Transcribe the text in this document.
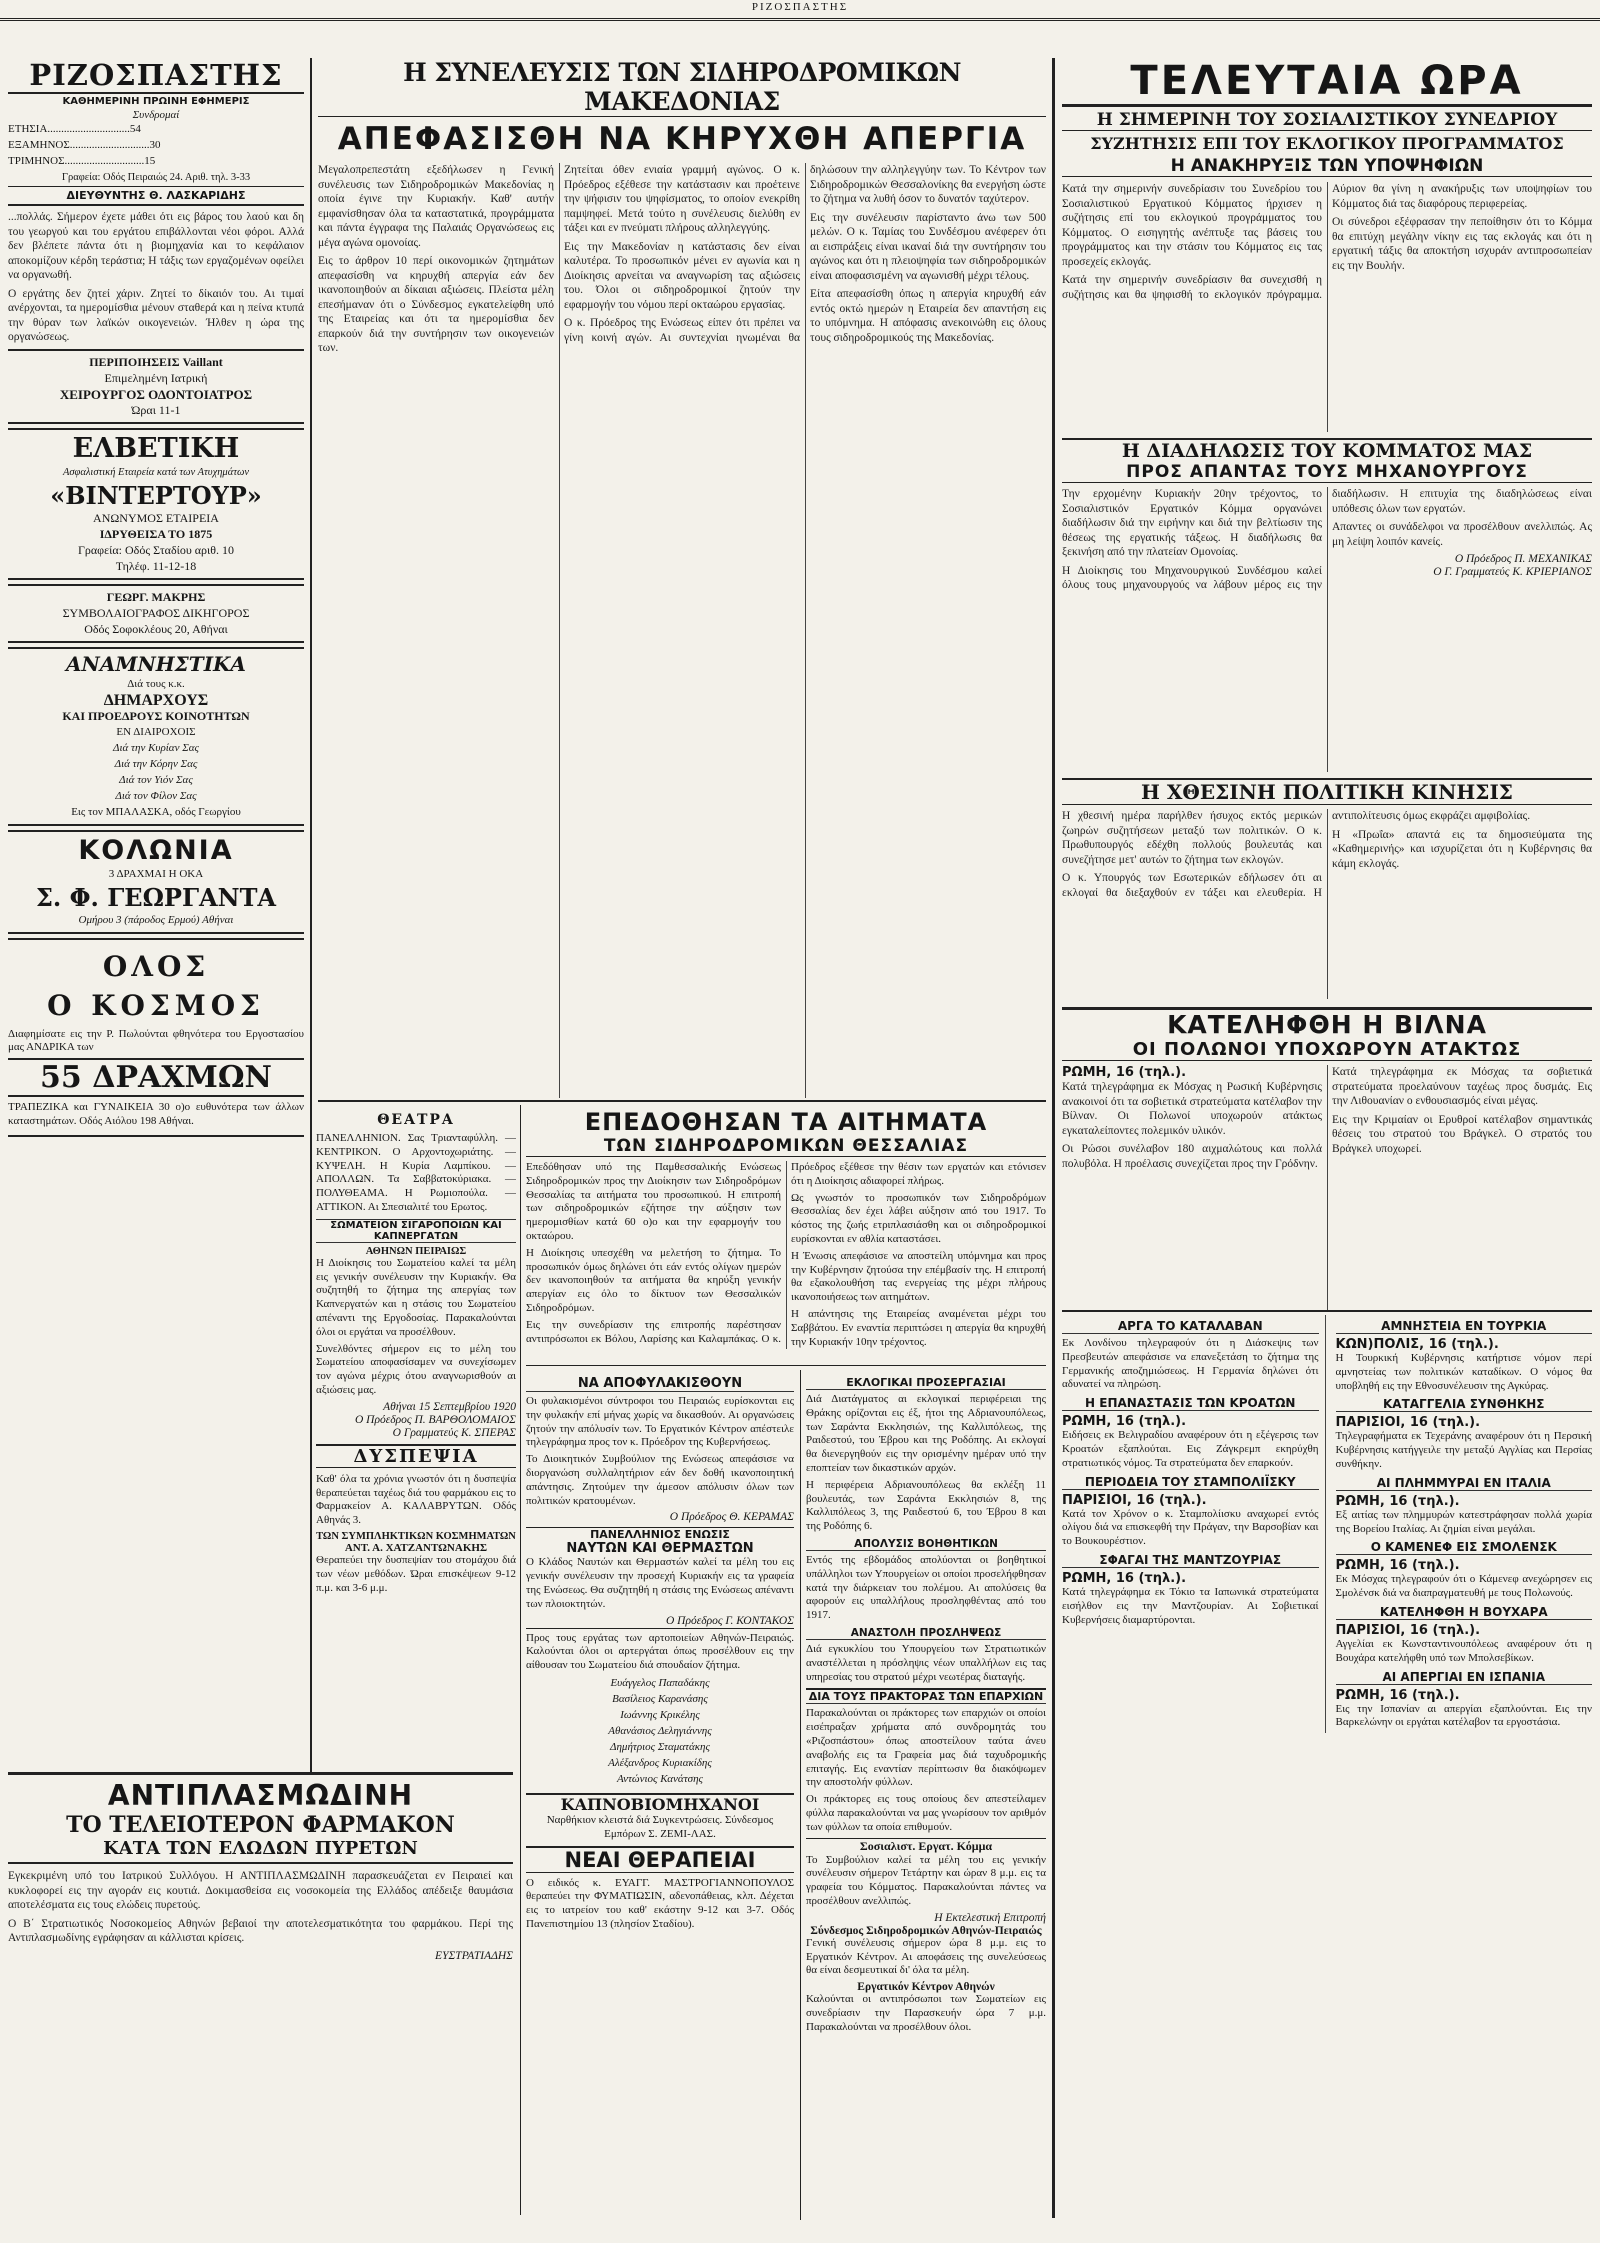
ΡΙΖΟΣΠΑΣΤΗΣ
ΡΙΖΟΣΠΑΣΤΗΣ
ΚΑΘΗΜΕΡΙΝΗ ΠΡΩΙΝΗ ΕΦΗΜΕΡΙΣ
Συνδρομαί
ΕΤΗΣΙΑ..............................54
ΕΞΑΜΗΝΟΣ.............................30
ΤΡΙΜΗΝΟΣ.............................15
Γραφεία: Οδός Πειραιώς 24. Αριθ. τηλ. 3-33
ΔΙΕΥΘΥΝΤΗΣ Θ. ΛΑΣΚΑΡΙΔΗΣ

...πολλάς. Σήμερον έχετε μάθει ότι εις βάρος του λαού και δη του γεωργού και του εργάτου επιβάλλονται νέοι φόροι. Αλλά δεν βλέπετε πάντα ότι η βιομηχανία και το κεφάλαιον αποκομίζουν κέρδη τεράστια; Η τάξις των εργαζομένων οφείλει να οργανωθή.

Ο εργάτης δεν ζητεί χάριν. Ζητεί το δίκαιόν του. Αι τιμαί ανέρχονται, τα ημερομίσθια μένουν σταθερά και η πείνα κτυπά την θύραν των λαϊκών οικογενειών. Ήλθεν η ώρα της οργανώσεως.

ΠΕΡΙΠΟΙΗΣΕΙΣ Vaillant
Επιμελημένη Ιατρική
ΧΕΙΡΟΥΡΓΟΣ ΟΔΟΝΤΟΙΑΤΡΟΣ
Ώραι 11-1
ΕΛΒΕΤΙΚΗ
Ασφαλιστική Εταιρεία κατά των Ατυχημάτων
«ΒΙΝΤΕΡΤΟΥΡ»
ΑΝΩΝΥΜΟΣ ΕΤΑΙΡΕΙΑ
ΙΔΡΥΘΕΙΣΑ ΤΟ 1875
Γραφεία: Οδός Σταδίου αριθ. 10
Τηλέφ. 11-12-18
ΓΕΩΡΓ. ΜΑΚΡΗΣ
ΣΥΜΒΟΛΑΙΟΓΡΑΦΟΣ ΔΙΚΗΓΟΡΟΣ
Οδός Σοφοκλέους 20, Αθήναι
ΑΝΑΜΝΗΣΤΙΚΑ
Διά τους κ.κ.
ΔΗΜΑΡΧΟΥΣ
ΚΑΙ ΠΡΟΕΔΡΟΥΣ ΚΟΙΝΟΤΗΤΩΝ
ΕΝ ΔΙΑΙΡΟΧΟΙΣ
Διά την Κυρίαν Σας
Διά την Κόρην Σας
Διά τον Υιόν Σας
Διά τον Φίλον Σας
Εις τον ΜΠΑΛΑΣΚΑ, οδός Γεωργίου
ΚΟΛΩΝΙΑ
3 ΔΡΑΧΜΑΙ Η ΟΚΑ
Σ. Φ. ΓΕΩΡΓΑΝΤΑ
Ομήρου 3 (πάροδος Ερμού) Αθήναι
ΟΛΟΣ
Ο ΚΟΣΜΟΣ

Διαφημίσατε εις την Ρ. Πωλούνται φθηνότερα του Εργοστασίου μας ΑΝΔΡΙΚΑ των

55 ΔΡΑΧΜΩΝ

ΤΡΑΠΕΖΙΚΑ και ΓΥΝΑΙΚΕΙΑ 30 ο)ο ευθυνότερα των άλλων καταστημάτων. Οδός Αιόλου 198 Αθήναι.

ΑΝΤΙΠΛΑΣΜΩΔΙΝΗ
ΤΟ ΤΕΛΕΙΟΤΕΡΟΝ ΦΑΡΜΑΚΟΝ
ΚΑΤΑ ΤΩΝ ΕΛΩΔΩΝ ΠΥΡΕΤΩΝ

Εγκεκριμένη υπό του Ιατρικού Συλλόγου. Η ΑΝΤΙΠΛΑΣΜΩΔΙΝΗ παρασκευάζεται εν Πειραιεί και κυκλοφορεί εις την αγοράν εις κουτιά. Δοκιμασθείσα εις νοσοκομεία της Ελλάδος απέδειξε θαυμάσια αποτελέσματα εις τους ελώδεις πυρετούς.

Ο Β΄ Στρατιωτικός Νοσοκομείος Αθηνών βεβαιοί την αποτελεσματικότητα του φαρμάκου. Περί της Αντιπλασμωδίνης εγράφησαν αι κάλλισται κρίσεις.

ΕΥΣΤΡΑΤΙΑΔΗΣ
Η ΣΥΝΕΛΕΥΣΙΣ ΤΩΝ ΣΙΔΗΡΟΔΡΟΜΙΚΩΝ ΜΑΚΕΔΟΝΙΑΣ
ΑΠΕΦΑΣΙΣΘΗ ΝΑ ΚΗΡΥΧΘΗ ΑΠΕΡΓΙΑ

Μεγαλοπρεπεστάτη εξεδήλωσεν η Γενική συνέλευσις των Σιδηροδρομικών Μακεδονίας η οποία έγινε την Κυριακήν. Καθ' αυτήν εμφανίσθησαν όλα τα καταστατικά, προγράμματα και πάντα έγγραφα της Παλαιάς Οργανώσεως εις μέγα αγώνα ομονοίας.

Εις το άρθρον 10 περί οικονομικών ζητημάτων απεφασίσθη να κηρυχθή απεργία εάν δεν ικανοποιηθούν αι δίκαιαι αξιώσεις. Πλείστα μέλη επεσήμαναν ότι ο Σύνδεσμος εγκατελείφθη υπό της Εταιρείας και ότι τα ημερομίσθια δεν επαρκούν διά την συντήρησιν των οικογενειών των.

Ζητείται όθεν ενιαία γραμμή αγώνος. Ο κ. Πρόεδρος εξέθεσε την κατάστασιν και προέτεινε την ψήφισιν του ψηφίσματος, το οποίον ενεκρίθη παμψηφεί. Μετά τούτο η συνέλευσις διελύθη εν τάξει και εν πνεύματι πλήρους αλληλεγγύης.

Εις την Μακεδονίαν η κατάστασις δεν είναι καλυτέρα. Το προσωπικόν μένει εν αγωνία και η Διοίκησις αρνείται να αναγνωρίση τας αξιώσεις του. Όλοι οι σιδηροδρομικοί ζητούν την εφαρμογήν του νόμου περί οκταώρου εργασίας.

Ο κ. Πρόεδρος της Ενώσεως είπεν ότι πρέπει να γίνη κοινή αγών. Αι συντεχνίαι ηνωμέναι θα δηλώσουν την αλληλεγγύην των. Το Κέντρον των Σιδηροδρομικών Θεσσαλονίκης θα ενεργήση ώστε το ζήτημα να λυθή όσον το δυνατόν ταχύτερον.

Εις την συνέλευσιν παρίσταντο άνω των 500 μελών. Ο κ. Ταμίας του Συνδέσμου ανέφερεν ότι αι εισπράξεις είναι ικαναί διά την συντήρησιν του αγώνος και ότι η πλειοψηφία των σιδηροδρομικών είναι αποφασισμένη να αγωνισθή μέχρι τέλους.

Είτα απεφασίσθη όπως η απεργία κηρυχθή εάν εντός οκτώ ημερών η Εταιρεία δεν απαντήση εις το υπόμνημα. Η απόφασις ανεκοινώθη εις όλους τους σιδηροδρομικούς της Μακεδονίας.

ΘΕΑΤΡΑ

ΠΑΝΕΛΛΗΝΙΟΝ. Σας Τριανταφύλλη. — ΚΕΝΤΡΙΚΟΝ. Ο Αρχοντοχωριάτης. — ΚΥΨΕΛΗ. Η Κυρία Λαμπίκου. — ΑΠΟΛΛΩΝ. Τα Σαββατοκύριακα. — ΠΟΛΥΘΕΑΜΑ. Η Ρωμιοπούλα. — ΑΤΤΙΚΟΝ. Αι Σπεσιαλιτέ του Ερωτος.

ΣΩΜΑΤΕΙΟΝ ΣΙΓΑΡΟΠΟΙΩΝ ΚΑΙ ΚΑΠΝΕΡΓΑΤΩΝ
ΑΘΗΝΩΝ ΠΕΙΡΑΙΩΣ

Η Διοίκησις του Σωματείου καλεί τα μέλη εις γενικήν συνέλευσιν την Κυριακήν. Θα συζητηθή το ζήτημα της απεργίας των Καπνεργατών και η στάσις του Σωματείου απέναντι της Εργοδοσίας. Παρακαλούνται όλοι οι εργάται να προσέλθουν.

Συνελθόντες σήμερον εις το μέλη του Σωματείου αποφασίσαμεν να συνεχίσωμεν τον αγώνα μέχρις ότου αναγνωρισθούν αι αξιώσεις μας.

Αθήναι 15 Σεπτεμβρίου 1920
Ο Πρόεδρος Π. ΒΑΡΘΟΛΟΜΑΙΟΣ
Ο Γραμματεύς Κ. ΣΠΕΡΑΣ
ΔΥΣΠΕΨΙΑ

Καθ' όλα τα χρόνια γνωστόν ότι η δυσπεψία θεραπεύεται ταχέως διά του φαρμάκου εις το Φαρμακείον Α. ΚΑΛΑΒΡΥΤΩΝ. Οδός Αθηνάς 3.

ΤΩΝ ΣΥΜΠΛΗΚΤΙΚΩΝ ΚΟΣΜΗΜΑΤΩΝ
ΑΝΤ. Α. ΧΑΤΖΑΝΤΩΝΑΚΗΣ

Θεραπεύει την δυσπεψίαν του στομάχου διά των νέων μεθόδων. Ώραι επισκέψεων 9-12 π.μ. και 3-6 μ.μ.

ΕΠΕΔΟΘΗΣΑΝ ΤΑ ΑΙΤΗΜΑΤΑ
ΤΩΝ ΣΙΔΗΡΟΔΡΟΜΙΚΩΝ ΘΕΣΣΑΛΙΑΣ

Επεδόθησαν υπό της Παμθεσσαλικής Ενώσεως Σιδηροδρομικών προς την Διοίκησιν των Σιδηροδρόμων Θεσσαλίας τα αιτήματα του προσωπικού. Η επιτροπή των σιδηροδρομικών εζήτησε την αύξησιν των ημερομισθίων κατά 60 ο)ο και την εφαρμογήν του οκταώρου.

Η Διοίκησις υπεσχέθη να μελετήση το ζήτημα. Το προσωπικόν όμως δηλώνει ότι εάν εντός ολίγων ημερών δεν ικανοποιηθούν τα αιτήματα θα κηρύξη γενικήν απεργίαν εις όλο το δίκτυον των Θεσσαλικών Σιδηροδρόμων.

Εις την συνεδρίασιν της επιτροπής παρέστησαν αντιπρόσωποι εκ Βόλου, Λαρίσης και Καλαμπάκας. Ο κ. Πρόεδρος εξέθεσε την θέσιν των εργατών και ετόνισεν ότι η Διοίκησις αδιαφορεί πλήρως.

Ως γνωστόν το προσωπικόν των Σιδηροδρόμων Θεσσαλίας δεν έχει λάβει αύξησιν από του 1917. Το κόστος της ζωής ετριπλασιάσθη και οι σιδηροδρομικοί ευρίσκονται εν αθλία καταστάσει.

Η Ένωσις απεφάσισε να αποστείλη υπόμνημα και προς την Κυβέρνησιν ζητούσα την επέμβασίν της. Η επιτροπή θα εξακολουθήση τας ενεργείας της μέχρι πλήρους ικανοποιήσεως των αιτημάτων.

Η απάντησις της Εταιρείας αναμένεται μέχρι του Σαββάτου. Εν εναντία περιπτώσει η απεργία θα κηρυχθή την Κυριακήν 10ην τρέχοντος.

ΝΑ ΑΠΟΦΥΛΑΚΙΣΘΟΥΝ

Οι φυλακισμένοι σύντροφοι του Πειραιώς ευρίσκονται εις την φυλακήν επί μήνας χωρίς να δικασθούν. Αι οργανώσεις ζητούν την απόλυσίν των. Το Εργατικόν Κέντρον απέστειλε τηλεγράφημα προς τον κ. Πρόεδρον της Κυβερνήσεως.

Το Διοικητικόν Συμβούλιον της Ενώσεως απεφάσισε να διοργανώση συλλαλητήριον εάν δεν δοθή ικανοποιητική απάντησις. Ζητούμεν την άμεσον απόλυσιν όλων των πολιτικών κρατουμένων.

Ο Πρόεδρος Θ. ΚΕΡΑΜΑΣ
ΠΑΝΕΛΛΗΝΙΟΣ ΕΝΩΣΙΣ
ΝΑΥΤΩΝ ΚΑΙ ΘΕΡΜΑΣΤΩΝ

Ο Κλάδος Ναυτών και Θερμαστών καλεί τα μέλη του εις γενικήν συνέλευσιν την προσεχή Κυριακήν εις τα γραφεία της Ενώσεως. Θα συζητηθή η στάσις της Ενώσεως απέναντι των πλοιοκτητών.

Ο Πρόεδρος Γ. ΚΟΝΤΑΚΟΣ

Προς τους εργάτας των αρτοποιείων Αθηνών-Πειραιώς. Καλούνται όλοι οι αρτεργάται όπως προσέλθουν εις την αίθουσαν του Σωματείου διά σπουδαίον ζήτημα.

Ευάγγελος Παπαδάκης
Βασίλειος Καρανάσης
Ιωάννης Κρικέλης
Αθανάσιος Δεληγιάννης
Δημήτριος Σταματάκης
Αλέξανδρος Κυριακίδης
Αντώνιος Κανάτσης
ΚΑΠΝΟΒΙΟΜΗΧΑΝΟΙ

Ναρθήκιον κλειστά διά Συγκεντρώσεις. Σύνδεσμος Εμπόρων Σ. ΖΕΜΙ-ΛΑΣ.

ΝΕΑΙ ΘΕΡΑΠΕΙΑΙ

Ο ειδικός κ. ΕΥΑΓΓ. ΜΑΣΤΡΟΓΙΑΝΝΟΠΟΥΛΟΣ θεραπεύει την ΦΥΜΑΤΙΩΣΙΝ, αδενοπάθειας, κλπ. Δέχεται εις το ιατρείον του καθ' εκάστην 9-12 και 3-7. Οδός Πανεπιστημίου 13 (πλησίον Σταδίου).

ΕΚΛΟΓΙΚΑΙ ΠΡΟΣΕΡΓΑΣΙΑΙ

Διά Διατάγματος αι εκλογικαί περιφέρειαι της Θράκης ορίζονται εις έξ, ήτοι της Αδριανουπόλεως, των Σαράντα Εκκλησιών, της Καλλιπόλεως, της Ραιδεστού, του Έβρου και της Ροδόπης. Αι εκλογαί θα διενεργηθούν εις την ορισμένην ημέραν υπό την εποπτείαν των δικαστικών αρχών.

Η περιφέρεια Αδριανουπόλεως θα εκλέξη 11 βουλευτάς, των Σαράντα Εκκλησιών 8, της Καλλιπόλεως 3, της Ραιδεστού 6, του Έβρου 8 και της Ροδόπης 6.

ΑΠΟΛΥΣΙΣ ΒΟΗΘΗΤΙΚΩΝ

Εντός της εβδομάδος απολύονται οι βοηθητικοί υπάλληλοι των Υπουργείων οι οποίοι προσελήφθησαν κατά την διάρκειαν του πολέμου. Αι απολύσεις θα αφορούν εις υπαλλήλους προσληφθέντας από του 1917.

ΑΝΑΣΤΟΛΗ ΠΡΟΣΛΗΨΕΩΣ

Διά εγκυκλίου του Υπουργείου των Στρατιωτικών αναστέλλεται η πρόσληψις νέων υπαλλήλων εις τας υπηρεσίας του στρατού μέχρι νεωτέρας διαταγής.

ΔΙΑ ΤΟΥΣ ΠΡΑΚΤΟΡΑΣ ΤΩΝ ΕΠΑΡΧΙΩΝ

Παρακαλούνται οι πράκτορες των επαρχιών οι οποίοι εισέπραξαν χρήματα από συνδρομητάς του «Ριζοσπάστου» όπως αποστείλουν ταύτα άνευ αναβολής εις τα Γραφεία μας διά ταχυδρομικής επιταγής. Εις εναντίαν περίπτωσιν θα διακόψωμεν την αποστολήν φύλλων.

Οι πράκτορες εις τους οποίους δεν απεστείλαμεν φύλλα παρακαλούνται να μας γνωρίσουν τον αριθμόν των φύλλων τα οποία επιθυμούν.

Σοσιαλιστ. Εργατ. Κόμμα

Το Συμβούλιον καλεί τα μέλη του εις γενικήν συνέλευσιν σήμερον Τετάρτην και ώραν 8 μ.μ. εις τα γραφεία του Κόμματος. Παρακαλούνται πάντες να προσέλθουν ανελλιπώς.

Η Εκτελεστική Επιτροπή
Σύνδεσμος Σιδηροδρομικών Αθηνών-Πειραιώς

Γενική συνέλευσις σήμερον ώρα 8 μ.μ. εις το Εργατικόν Κέντρον. Αι αποφάσεις της συνελεύσεως θα είναι δεσμευτικαί δι' όλα τα μέλη.

Εργατικόν Κέντρον Αθηνών

Καλούνται οι αντιπρόσωποι των Σωματείων εις συνεδρίασιν την Παρασκευήν ώρα 7 μ.μ. Παρακαλούνται να προσέλθουν όλοι.

ΤΕΛΕΥΤΑΙΑ ΩΡΑ
Η ΣΗΜΕΡΙΝΗ ΤΟΥ ΣΟΣΙΑΛΙΣΤΙΚΟΥ ΣΥΝΕΔΡΙΟΥ
ΣΥΖΗΤΗΣΙΣ ΕΠΙ ΤΟΥ ΕΚΛΟΓΙΚΟΥ ΠΡΟΓΡΑΜΜΑΤΟΣ
Η ΑΝΑΚΗΡΥΞΙΣ ΤΩΝ ΥΠΟΨΗΦΙΩΝ

Κατά την σημερινήν συνεδρίασιν του Συνεδρίου του Σοσιαλιστικού Εργατικού Κόμματος ήρχισεν η συζήτησις επί του εκλογικού προγράμματος του Κόμματος. Ο εισηγητής ανέπτυξε τας βάσεις του προγράμματος και την στάσιν του Κόμματος εις τας προσεχείς εκλογάς.

Κατά την σημερινήν συνεδρίασιν θα συνεχισθή η συζήτησις και θα ψηφισθή το εκλογικόν πρόγραμμα. Αύριον θα γίνη η ανακήρυξις των υποψηφίων του Κόμματος διά τας διαφόρους περιφερείας.

Οι σύνεδροι εξέφρασαν την πεποίθησιν ότι το Κόμμα θα επιτύχη μεγάλην νίκην εις τας εκλογάς και ότι η εργατική τάξις θα αποκτήση ισχυράν αντιπροσωπείαν εις την Βουλήν.

Η ΔΙΑΔΗΛΩΣΙΣ ΤΟΥ ΚΟΜΜΑΤΟΣ ΜΑΣ
ΠΡΟΣ ΑΠΑΝΤΑΣ ΤΟΥΣ ΜΗΧΑΝΟΥΡΓΟΥΣ

Την ερχομένην Κυριακήν 20ην τρέχοντος, το Σοσιαλιστικόν Εργατικόν Κόμμα οργανώνει διαδήλωσιν διά την ειρήνην και διά την βελτίωσιν της θέσεως της εργατικής τάξεως. Η διαδήλωσις θα ξεκινήση από την πλατείαν Ομονοίας.

Η Διοίκησις του Μηχανουργικού Συνδέσμου καλεί όλους τους μηχανουργούς να λάβουν μέρος εις την διαδήλωσιν. Η επιτυχία της διαδηλώσεως είναι υπόθεσις όλων των εργατών.

Απαντες οι συνάδελφοι να προσέλθουν ανελλιπώς. Ας μη λείψη λοιπόν κανείς.

Ο Πρόεδρος Π. ΜΕΧΑΝΙΚΑΣ
Ο Γ. Γραμματεύς Κ. ΚΡΙΕΡΙΑΝΟΣ
Η ΧΘΕΣΙΝΗ ΠΟΛΙΤΙΚΗ ΚΙΝΗΣΙΣ

Η χθεσινή ημέρα παρήλθεν ήσυχος εκτός μερικών ζωηρών συζητήσεων μεταξύ των πολιτικών. Ο κ. Πρωθυπουργός εδέχθη πολλούς βουλευτάς και συνεζήτησε μετ' αυτών το ζήτημα των εκλογών.

Ο κ. Υπουργός των Εσωτερικών εδήλωσεν ότι αι εκλογαί θα διεξαχθούν εν τάξει και ελευθερία. Η αντιπολίτευσις όμως εκφράζει αμφιβολίας.

Η «Πρωΐα» απαντά εις τα δημοσιεύματα της «Καθημερινής» και ισχυρίζεται ότι η Κυβέρνησις θα κάμη εκλογάς.

ΚΑΤΕΛΗΦΘΗ Η ΒΙΛΝΑ
ΟΙ ΠΟΛΩΝΟΙ ΥΠΟΧΩΡΟΥΝ ΑΤΑΚΤΩΣ
ΡΩΜΗ, 16 (τηλ.).

Κατά τηλεγράφημα εκ Μόσχας η Ρωσική Κυβέρνησις ανακοινοί ότι τα σοβιετικά στρατεύματα κατέλαβον την Βίλναν. Οι Πολωνοί υποχωρούν ατάκτως εγκαταλείποντες πολεμικόν υλικόν.

Οι Ρώσοι συνέλαβον 180 αιχμαλώτους και πολλά πολυβόλα. Η προέλασις συνεχίζεται προς την Γρόδνην.

Κατά τηλεγράφημα εκ Μόσχας τα σοβιετικά στρατεύματα προελαύνουν ταχέως προς δυσμάς. Εις την Λιθουανίαν ο ενθουσιασμός είναι μέγας.

Εις την Κριμαίαν οι Ερυθροί κατέλαβον σημαντικάς θέσεις του στρατού του Βράγκελ. Ο στρατός του Βράγκελ υποχωρεί.

ΑΡΓΑ ΤΟ ΚΑΤΑΛΑΒΑΝ

Εκ Λονδίνου τηλεγραφούν ότι η Διάσκεψις των Πρεσβευτών απεφάσισε να επανεξετάση το ζήτημα της Γερμανικής αποζημιώσεως. Η Γερμανία δηλώνει ότι αδυνατεί να πληρώση.

Η ΕΠΑΝΑΣΤΑΣΙΣ ΤΩΝ ΚΡΟΑΤΩΝ
ΡΩΜΗ, 16 (τηλ.).

Ειδήσεις εκ Βελιγραδίου αναφέρουν ότι η εξέγερσις των Κροατών εξαπλούται. Εις Ζάγκρεμπ εκηρύχθη στρατιωτικός νόμος. Τα στρατεύματα δεν επαρκούν.

ΠΕΡΙΟΔΕΙΑ ΤΟΥ ΣΤΑΜΠΟΛΙΪΣΚΥ
ΠΑΡΙΣΙΟΙ, 16 (τηλ.).

Κατά τον Χρόνον ο κ. Σταμπολίισκυ αναχωρεί εντός ολίγου διά να επισκεφθή την Πράγαν, την Βαρσοβίαν και το Βουκουρέστιον.

ΣΦΑΓΑΙ ΤΗΣ ΜΑΝΤΖΟΥΡΙΑΣ
ΡΩΜΗ, 16 (τηλ.).

Κατά τηλεγράφημα εκ Τόκιο τα Ιαπωνικά στρατεύματα εισήλθον εις την Μαντζουρίαν. Αι Σοβιετικαί Κυβερνήσεις διαμαρτύρονται.

ΑΜΝΗΣΤΕΙΑ ΕΝ ΤΟΥΡΚΙΑ
ΚΩΝ)ΠΟΛΙΣ, 16 (τηλ.).

Η Τουρκική Κυβέρνησις κατήρτισε νόμον περί αμνηστείας των πολιτικών καταδίκων. Ο νόμος θα υποβληθή εις την Εθνοσυνέλευσιν της Αγκύρας.

ΚΑΤΑΓΓΕΛΙΑ ΣΥΝΘΗΚΗΣ
ΠΑΡΙΣΙΟΙ, 16 (τηλ.).

Τηλεγραφήματα εκ Τεχεράνης αναφέρουν ότι η Περσική Κυβέρνησις κατήγγειλε την μεταξύ Αγγλίας και Περσίας συνθήκην.

ΑΙ ΠΛΗΜΜΥΡΑΙ ΕΝ ΙΤΑΛΙΑ
ΡΩΜΗ, 16 (τηλ.).

Εξ αιτίας των πλημμυρών κατεστράφησαν πολλά χωρία της Βορείου Ιταλίας. Αι ζημίαι είναι μεγάλαι.

Ο ΚΑΜΕΝΕΦ ΕΙΣ ΣΜΟΛΕΝΣΚ
ΡΩΜΗ, 16 (τηλ.).

Εκ Μόσχας τηλεγραφούν ότι ο Κάμενεφ ανεχώρησεν εις Σμολένσκ διά να διαπραγματευθή με τους Πολωνούς.

ΚΑΤΕΛΗΦΘΗ Η ΒΟΥΧΑΡΑ
ΠΑΡΙΣΙΟΙ, 16 (τηλ.).

Αγγελίαι εκ Κωνσταντινουπόλεως αναφέρουν ότι η Βουχάρα κατελήφθη υπό των Μπολσεβίκων.

ΑΙ ΑΠΕΡΓΙΑΙ ΕΝ ΙΣΠΑΝΙΑ
ΡΩΜΗ, 16 (τηλ.).

Εις την Ισπανίαν αι απεργίαι εξαπλούνται. Εις την Βαρκελώνην οι εργάται κατέλαβον τα εργοστάσια.
